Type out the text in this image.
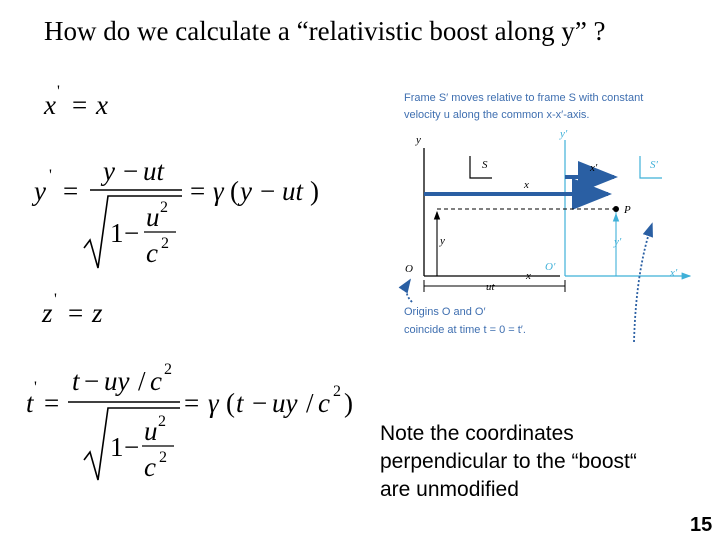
How do we calculate a “relativistic boost along y” ?
x ' = x
y
'
=
y − ut
1 −
u 2
c 2
= γ ( y − ut )
z ' = z
t
'
=
t − uy / c 2
1 −
u 2
c 2
= γ ( t − uy / c 2 )
Frame S′ moves relative to frame S with constant
velocity u along the common x-x′-axis.
y
x
O
y′
x′
O′
S	S′
x
x′
P
y	y′
ut
Origins O and O′
coincide at time t = 0 = t′.
Note the coordinates
perpendicular to the “boost“
are unmodified
15
